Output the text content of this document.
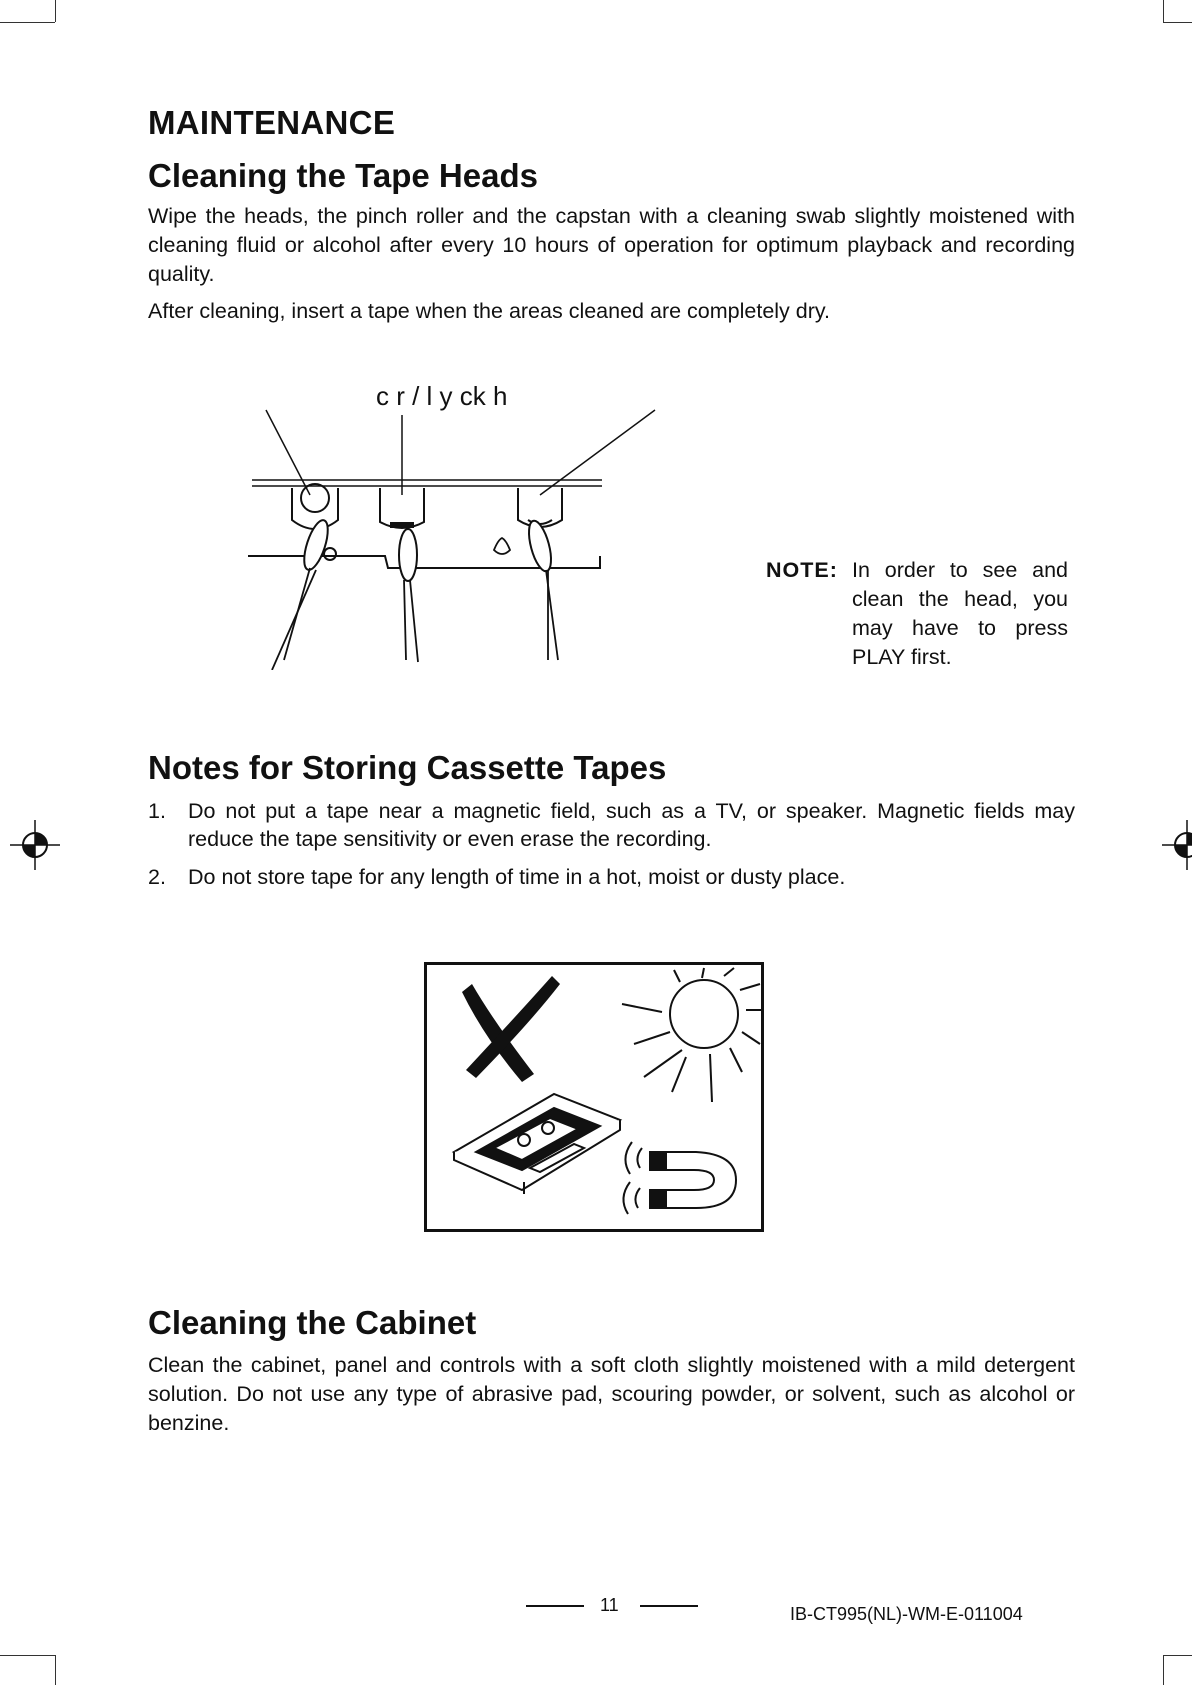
MAINTENANCE
Cleaning the Tape Heads

Wipe the heads, the pinch roller and the capstan with a cleaning swab slightly moistened with cleaning fluid or alcohol after every 10 hours of operation for optimum playback and recording quality.

After cleaning, insert a tape when the areas cleaned are completely dry.

c r / l y ck h
NOTE: In order to see and clean the head, you may have to press PLAY first.
Notes for Storing Cassette Tapes
1. Do not put a tape near a magnetic field, such as a TV, or speaker. Magnetic fields may reduce the tape sensitivity or even erase the recording.
2. Do not store tape for any length of time in a hot, moist or dusty place.
Cleaning the Cabinet

Clean the cabinet, panel and controls with a soft cloth slightly moistened with a mild detergent solution. Do not use any type of abrasive pad, scouring powder, or solvent, such as alcohol or benzine.

11	IB-CT995(NL)-WM-E-011004
